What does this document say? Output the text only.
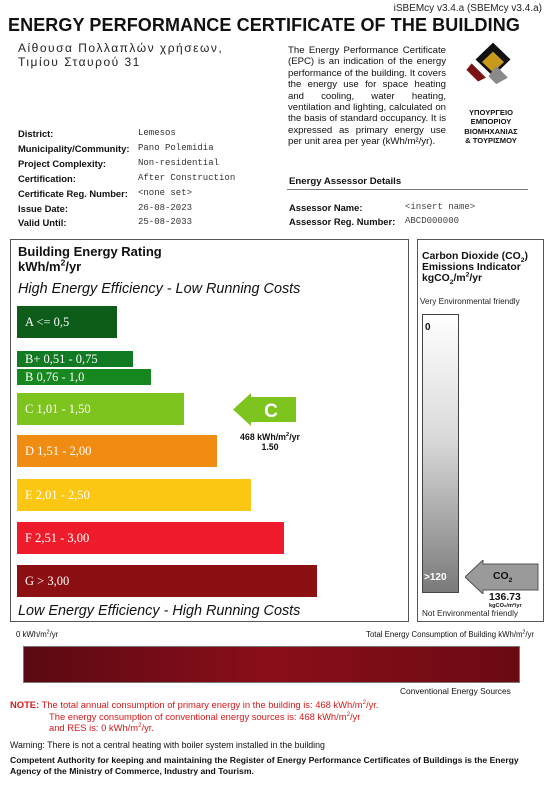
iSBEMcy v3.4.a (SBEMcy v3.4.a)
ENERGY PERFORMANCE CERTIFICATE OF THE BUILDING
Αίθουσα Πολλαπλών χρήσεων,
Τιμίου Σταυρού 31
The Energy Performance Certificate (EPC) is an indication of the energy performance of the building. It covers the energy use for space heating and cooling, water heating, ventilation and lighting, calculated on the basis of standard occupancy. It is expressed as primary energy use per unit area per year (kWh/m²/yr).
ΥΠΟΥΡΓΕΙΟ
ΕΜΠΟΡΙΟΥ
ΒΙΟΜΗΧΑΝΙΑΣ
& ΤΟΥΡΙΣΜΟΥ
District:	Lemesos
Municipality/Community: Pano Polemidia
Project Complexity:	Non-residential
Certification:	After Construction
Certificate Reg. Number: <none set>
Issue Date:	26-08-2023
Valid Until:	25-08-2033
Energy Assessor Details
Assessor Name:	<insert name>
Assessor Reg. Number: ABCD000000
Building Energy Rating
kWh/$m^2/yr$
High Energy Efficiency - Low Running Costs
A <= 0,5
B+ 0,51 - 0,75
B 0,76 - 1,0
C 1,01 - 1,50
D 1,51 - 2,00
E 2,01 - 2,50
F 2,51 - 3,00
G > 3,00
C
468 kWh/$m^2/yr$
1.50
Low Energy Efficiency - High Running Costs
Carbon Dioxide $(CO_2)$
Emissions Indicator
$kgCO_2/m^2/yr$
Very Environmental friendly
0
>120	$CO_2$
136.73
kgCO₂/m²/yr
Not Environmental friendly
0 kWh/$m^2/yr$	Total Energy Consumption of Building kWh/$m^2/yr$
Conventional Energy Sources
NOTE: The total annual consumption of primary energy in the building is: 468 kWh/$m^2/yr$.
The energy consumption of conventional energy sources is: 468 kWh/$m^2/yr$
and RES is: 0 kWh/$m^2/yr$.
Warning: There is not a central heating with boiler system installed in the building
Competent Authority for keeping and maintaining the Register of Energy Performance Certificates of Buildings is the Energy Agency of the Ministry of Commerce, Industry and Tourism.
